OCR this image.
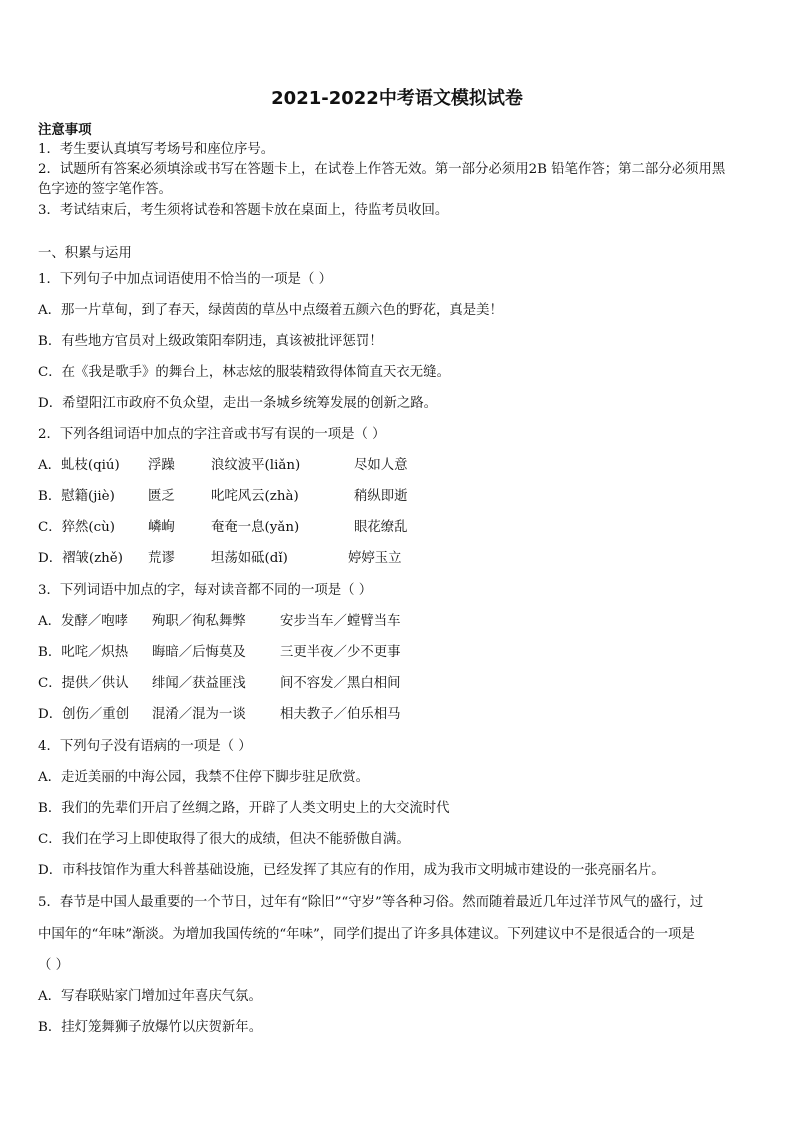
2021-2022中考语文模拟试卷
注意事项
1．考生要认真填写考场号和座位序号。
2．试题所有答案必须填涂或书写在答题卡上，在试卷上作答无效。第一部分必须用2B 铅笔作答；第二部分必须用黑
色字迹的签字笔作答。
3．考试结束后，考生须将试卷和答题卡放在桌面上，待监考员收回。
一、积累与运用
1．下列句子中加点词语使用不恰当的一项是（ ）
A．那一片草甸，到了春天，绿茵茵的草丛中点缀着五颜六色的野花，真是美！
B．有些地方官员对上级政策阳奉阴违，真该被批评惩罚！
C．在《我是歌手》的舞台上，林志炫的服装精致得体简直天衣无缝。
D．希望阳江市政府不负众望，走出一条城乡统筹发展的创新之路。
2．下列各组词语中加点的字注音或书写有误的一项是（ ）
A．虬枝(qiú) 浮躁	浪纹波平(liǎn)	尽如人意
B．慰籍(jiè) 匮乏	叱咤风云(zhà)	稍纵即逝
C．猝然(cù) 嶙峋	奄奄一息(yǎn)	眼花缭乱
D．褶皱(zhě) 荒谬	坦荡如砥(dǐ)	婷婷玉立
3．下列词语中加点的字，每对读音都不同的一项是（ ）
A．发酵／咆哮 殉职／徇私舞弊	安步当车／螳臂当车
B．叱咤／炽热 晦暗／后悔莫及	三更半夜／少不更事
C．提供／供认 绯闻／获益匪浅	间不容发／黑白相间
D．创伤／重创 混淆／混为一谈	相夫教子／伯乐相马
4．下列句子没有语病的一项是（ ）
A．走近美丽的中海公园，我禁不住停下脚步驻足欣赏。
B．我们的先辈们开启了丝绸之路，开辟了人类文明史上的大交流时代
C．我们在学习上即使取得了很大的成绩，但决不能骄傲自满。
D．市科技馆作为重大科普基础设施，已经发挥了其应有的作用，成为我市文明城市建设的一张亮丽名片。
5．春节是中国人最重要的一个节日，过年有“除旧”“守岁”等各种习俗。然而随着最近几年过洋节风气的盛行，过
中国年的“年味”渐淡。为增加我国传统的“年味”，同学们提出了许多具体建议。下列建议中不是很适合的一项是
（ ）
A．写春联贴家门增加过年喜庆气氛。
B．挂灯笼舞狮子放爆竹以庆贺新年。
